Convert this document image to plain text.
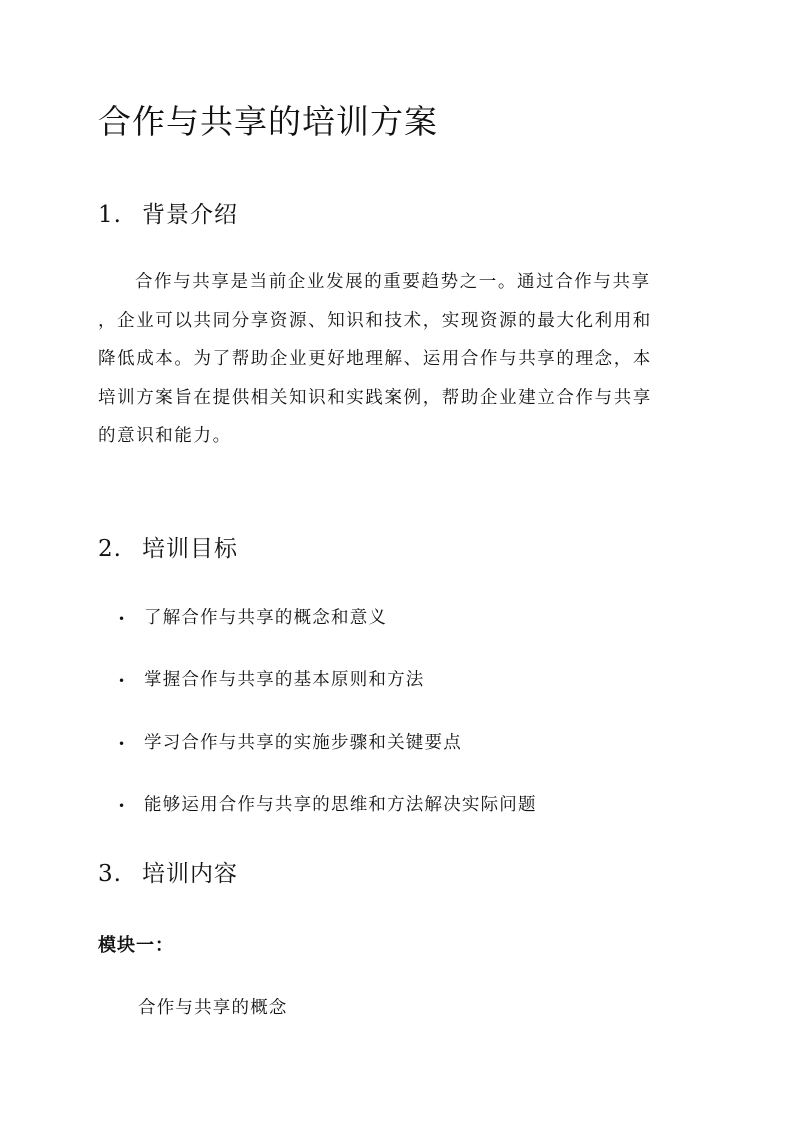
合作与共享的培训方案
1. 背景介绍

合作与共享是当前企业发展的重要趋势之一。通过合作与共享
，企业可以共同分享资源、知识和技术，实现资源的最大化利用和
降低成本。为了帮助企业更好地理解、运用合作与共享的理念，本
培训方案旨在提供相关知识和实践案例，帮助企业建立合作与共享
的意识和能力。

2. 培训目标
• 了解合作与共享的概念和意义
• 掌握合作与共享的基本原则和方法
• 学习合作与共享的实施步骤和关键要点
• 能够运用合作与共享的思维和方法解决实际问题
3. 培训内容

模块一：

合作与共享的概念
